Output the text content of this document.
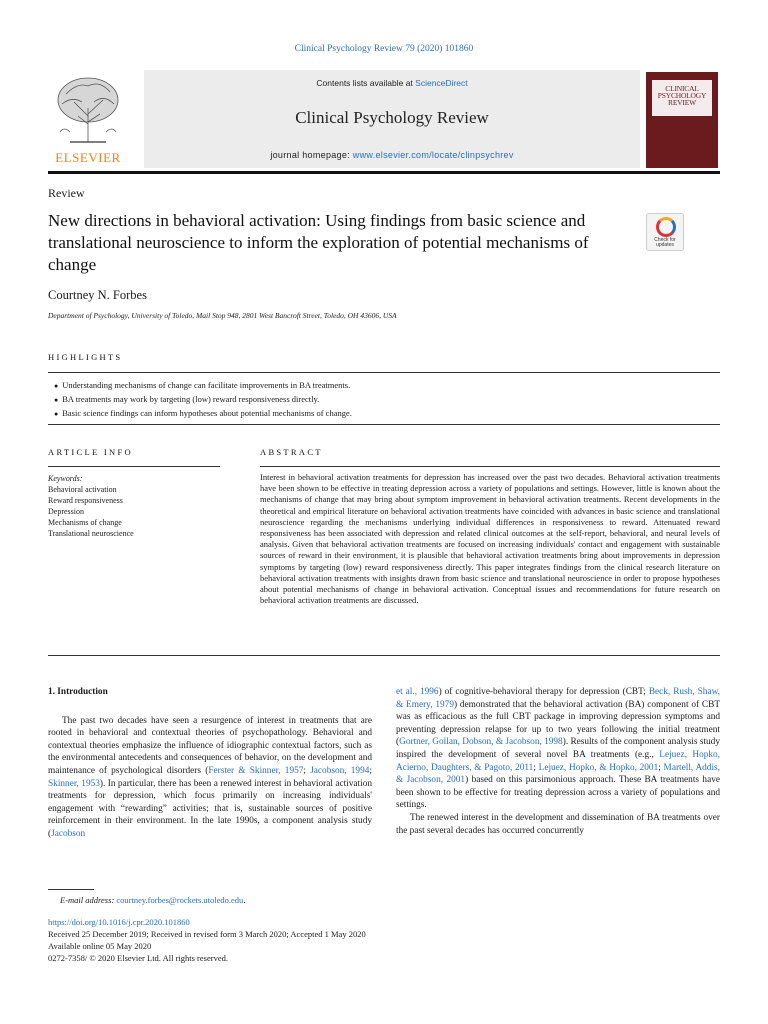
Clinical Psychology Review 79 (2020) 101860
ELSEVIER
Contents lists available at ScienceDirect
Clinical Psychology Review
journal homepage: www.elsevier.com/locate/clinpsychrev
CLINICAL PSYCHOLOGY REVIEW
Review
New directions in behavioral activation: Using findings from basic science and translational neuroscience to inform the exploration of potential mechanisms of change
Check for updates
Courtney N. Forbes
Department of Psychology, University of Toledo, Mail Stop 948, 2801 West Bancroft Street, Toledo, OH 43606, USA
HIGHLIGHTS
● Understanding mechanisms of change can facilitate improvements in BA treatments.
● BA treatments may work by targeting (low) reward responsiveness directly.
● Basic science findings can inform hypotheses about potential mechanisms of change.
ARTICLE INFO
Keywords:
Behavioral activation
Reward responsiveness
Depression
Mechanisms of change
Translational neuroscience
ABSTRACT
Interest in behavioral activation treatments for depression has increased over the past two decades. Behavioral activation treatments have been shown to be effective in treating depression across a variety of populations and settings. However, little is known about the mechanisms of change that may bring about symptom improvement in behavioral activation treatments. Recent developments in the theoretical and empirical literature on behavioral activation treatments have coincided with advances in basic science and translational neuroscience regarding the mechanisms underlying individual differences in responsiveness to reward. Attenuated reward responsiveness has been associated with depression and related clinical outcomes at the self-report, behavioral, and neural levels of analysis. Given that behavioral activation treatments are focused on increasing individuals' contact and engagement with sustainable sources of reward in their environment, it is plausible that behavioral activation treatments bring about improvements in depression symptoms by targeting (low) reward responsiveness directly. This paper integrates findings from the clinical research literature on behavioral activation treatments with insights drawn from basic science and translational neuroscience in order to propose hypotheses about potential mechanisms of change in behavioral activation. Conceptual issues and recommendations for future research on behavioral activation treatments are discussed.
1. Introduction

The past two decades have seen a resurgence of interest in treatments that are rooted in behavioral and contextual theories of psychopathology. Behavioral and contextual theories emphasize the influence of idiographic contextual factors, such as the environmental antecedents and consequences of behavior, on the development and maintenance of psychological disorders (Ferster & Skinner, 1957; Jacobson, 1994; Skinner, 1953). In particular, there has been a renewed interest in behavioral activation treatments for depression, which focus primarily on increasing individuals' engagement with “rewarding” activities; that is, sustainable sources of positive reinforcement in their environment. In the late 1990s, a component analysis study (Jacobson

et al., 1996) of cognitive-behavioral therapy for depression (CBT; Beck, Rush, Shaw, & Emery, 1979) demonstrated that the behavioral activation (BA) component of CBT was as efficacious as the full CBT package in improving depression symptoms and preventing depression relapse for up to two years following the initial treatment (Gortner, Gollan, Dobson, & Jacobson, 1998). Results of the component analysis study inspired the development of several novel BA treatments (e.g., Lejuez, Hopko, Acierno, Daughters, & Pagoto, 2011; Lejuez, Hopko, & Hopko, 2001; Martell, Addis, & Jacobson, 2001) based on this parsimonious approach. These BA treatments have been shown to be effective for treating depression across a variety of populations and settings.

The renewed interest in the development and dissemination of BA treatments over the past several decades has occurred concurrently

E-mail address: courtney.forbes@rockets.utoledo.edu.
https://doi.org/10.1016/j.cpr.2020.101860
Received 25 December 2019; Received in revised form 3 March 2020; Accepted 1 May 2020
Available online 05 May 2020
0272-7358/ © 2020 Elsevier Ltd. All rights reserved.
